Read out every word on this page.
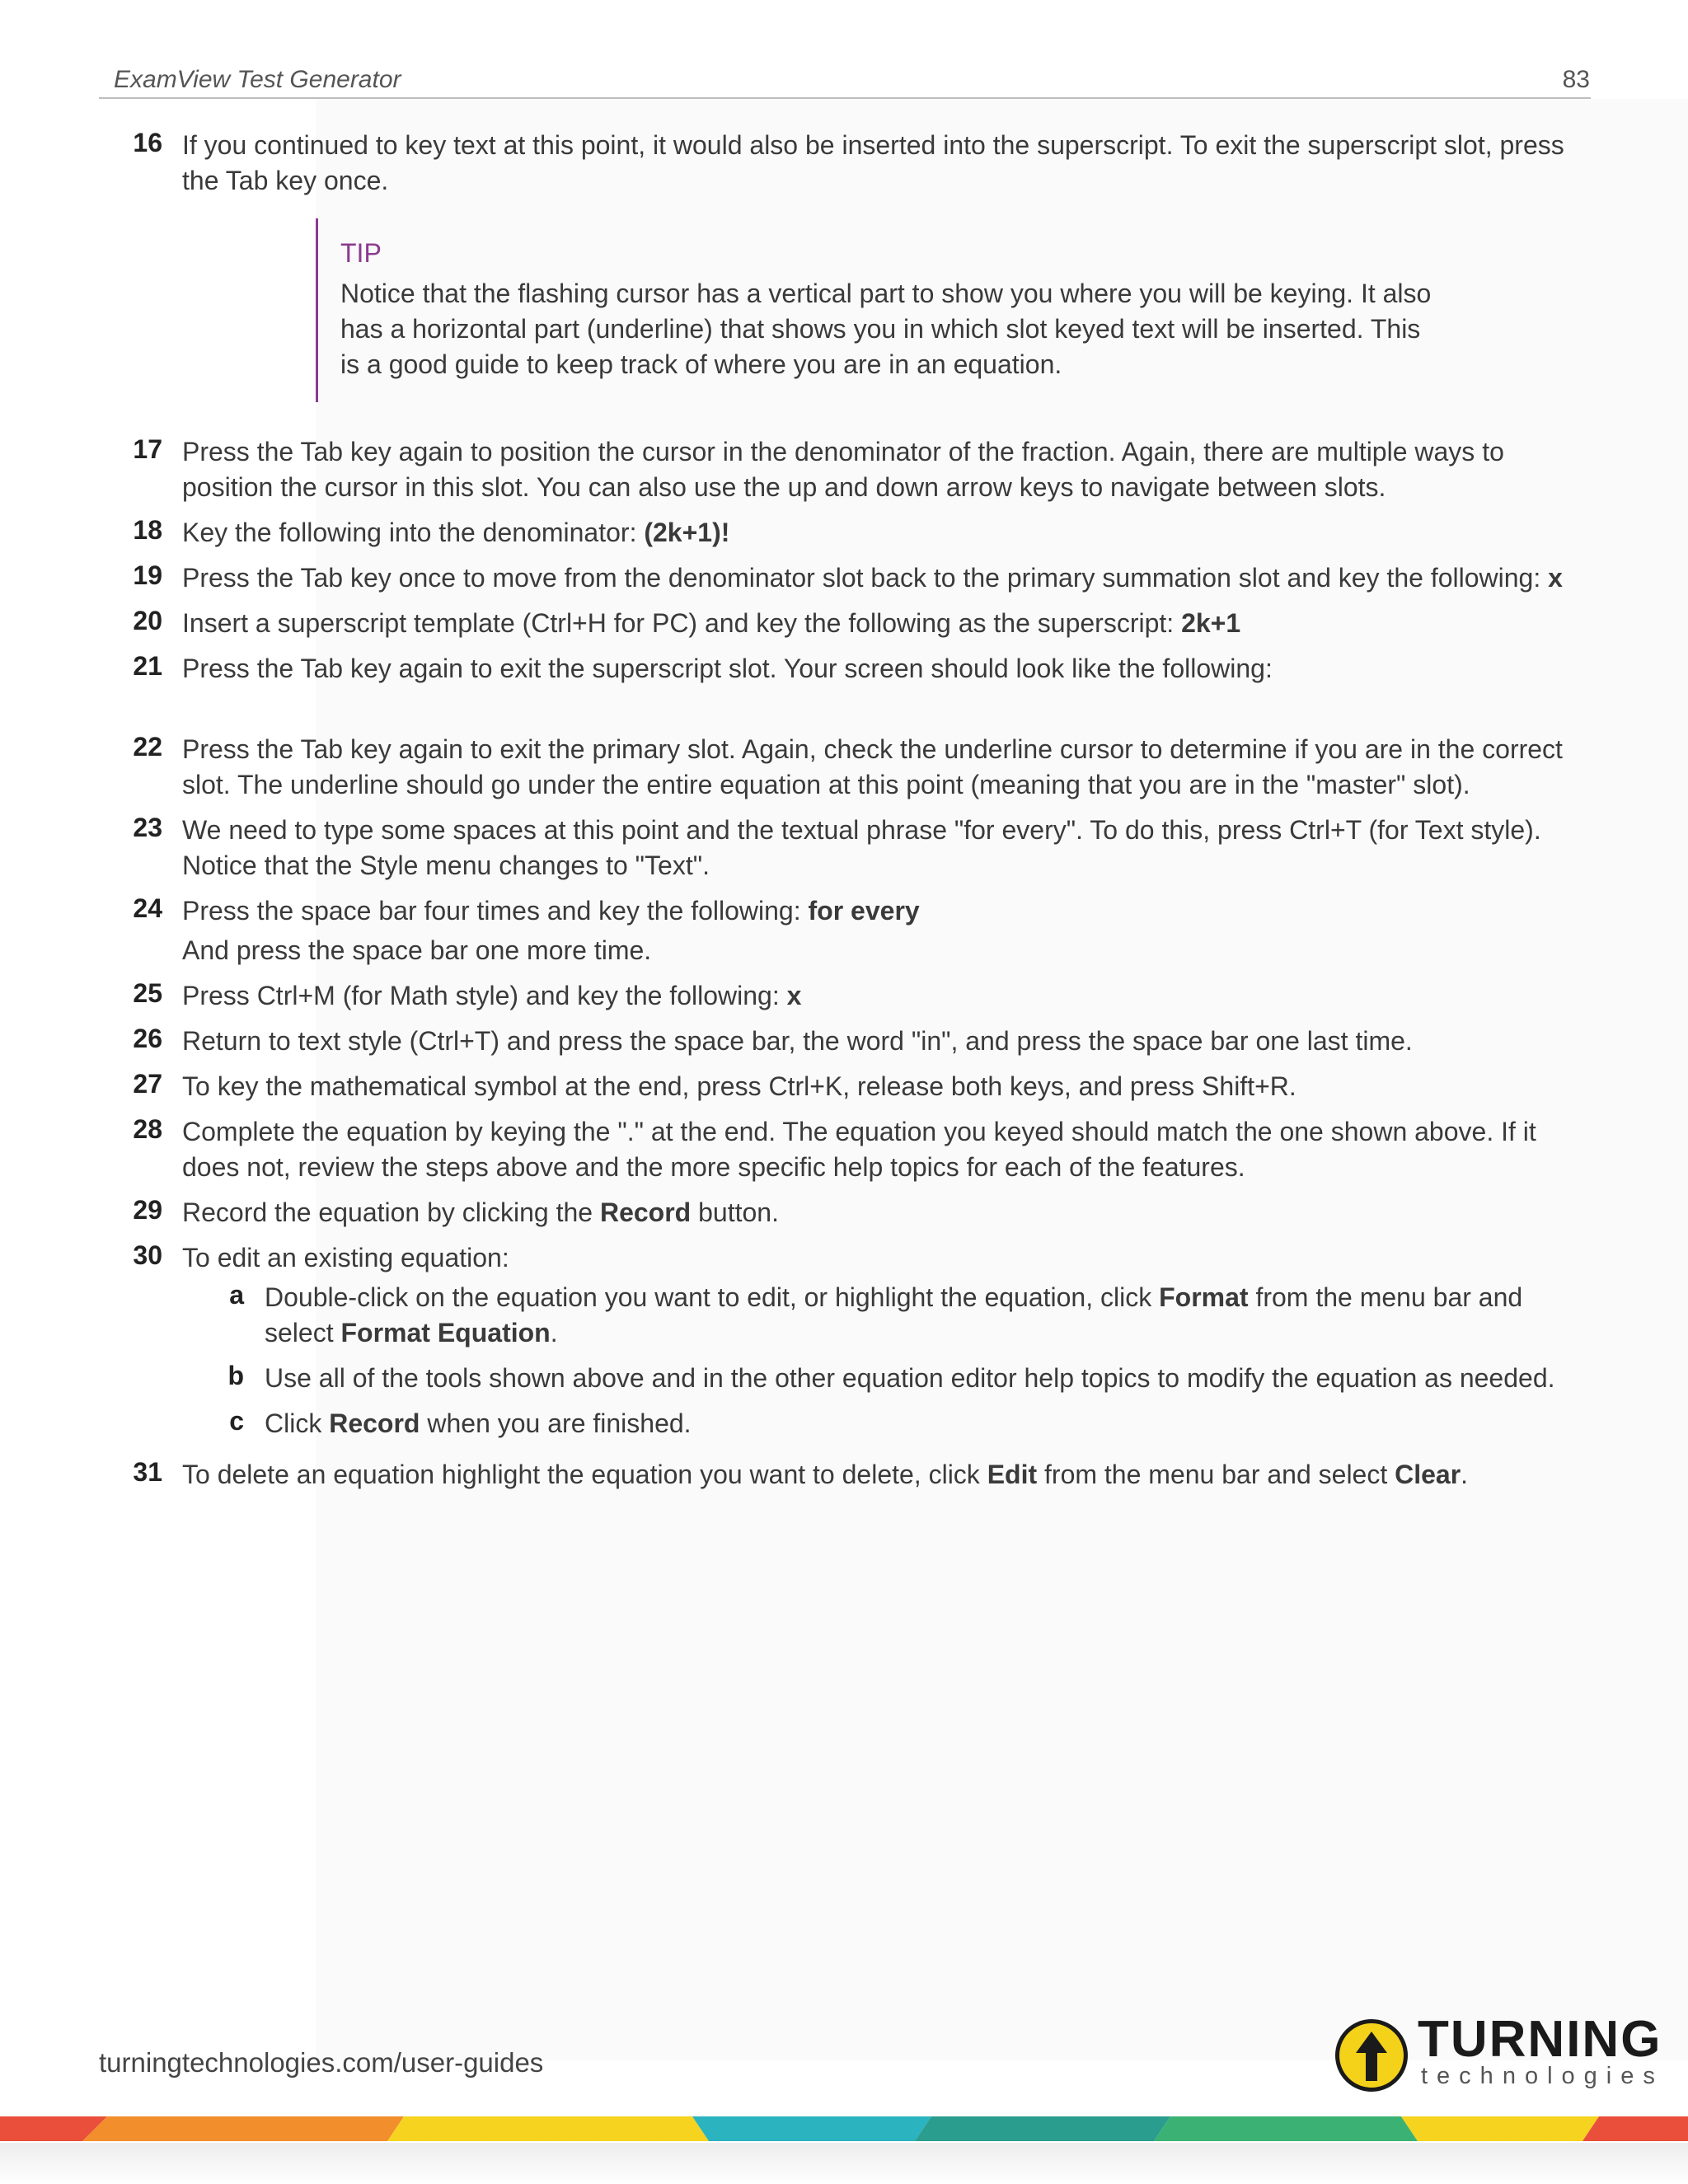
ExamView Test Generator	83
16 If you continued to key text at this point, it would also be inserted into the superscript. To exit the superscript slot, press the Tab key once.
TIP
Notice that the flashing cursor has a vertical part to show you where you will be keying. It also has a horizontal part (underline) that shows you in which slot keyed text will be inserted. This is a good guide to keep track of where you are in an equation.
17 Press the Tab key again to position the cursor in the denominator of the fraction. Again, there are multiple ways to position the cursor in this slot. You can also use the up and down arrow keys to navigate between slots.
18 Key the following into the denominator: (2k+1)!
19 Press the Tab key once to move from the denominator slot back to the primary summation slot and key the following: x
20 Insert a superscript template (Ctrl+H for PC) and key the following as the superscript: 2k+1
21 Press the Tab key again to exit the superscript slot. Your screen should look like the following:
22 Press the Tab key again to exit the primary slot. Again, check the underline cursor to determine if you are in the correct slot. The underline should go under the entire equation at this point (meaning that you are in the "master" slot).
23 We need to type some spaces at this point and the textual phrase "for every". To do this, press Ctrl+T (for Text style). Notice that the Style menu changes to "Text".
24 Press the space bar four times and key the following: for every
And press the space bar one more time.
25 Press Ctrl+M (for Math style) and key the following: x
26 Return to text style (Ctrl+T) and press the space bar, the word "in", and press the space bar one last time.
27 To key the mathematical symbol at the end, press Ctrl+K, release both keys, and press Shift+R.
28 Complete the equation by keying the "." at the end. The equation you keyed should match the one shown above. If it does not, review the steps above and the more specific help topics for each of the features.
29 Record the equation by clicking the Record button.
30 To edit an existing equation:
a Double-click on the equation you want to edit, or highlight the equation, click Format from the menu bar and select Format Equation.
b Use all of the tools shown above and in the other equation editor help topics to modify the equation as needed.
c Click Record when you are finished.
31 To delete an equation highlight the equation you want to delete, click Edit from the menu bar and select Clear.
turningtechnologies.com/user-guides	TURNING
technologies
